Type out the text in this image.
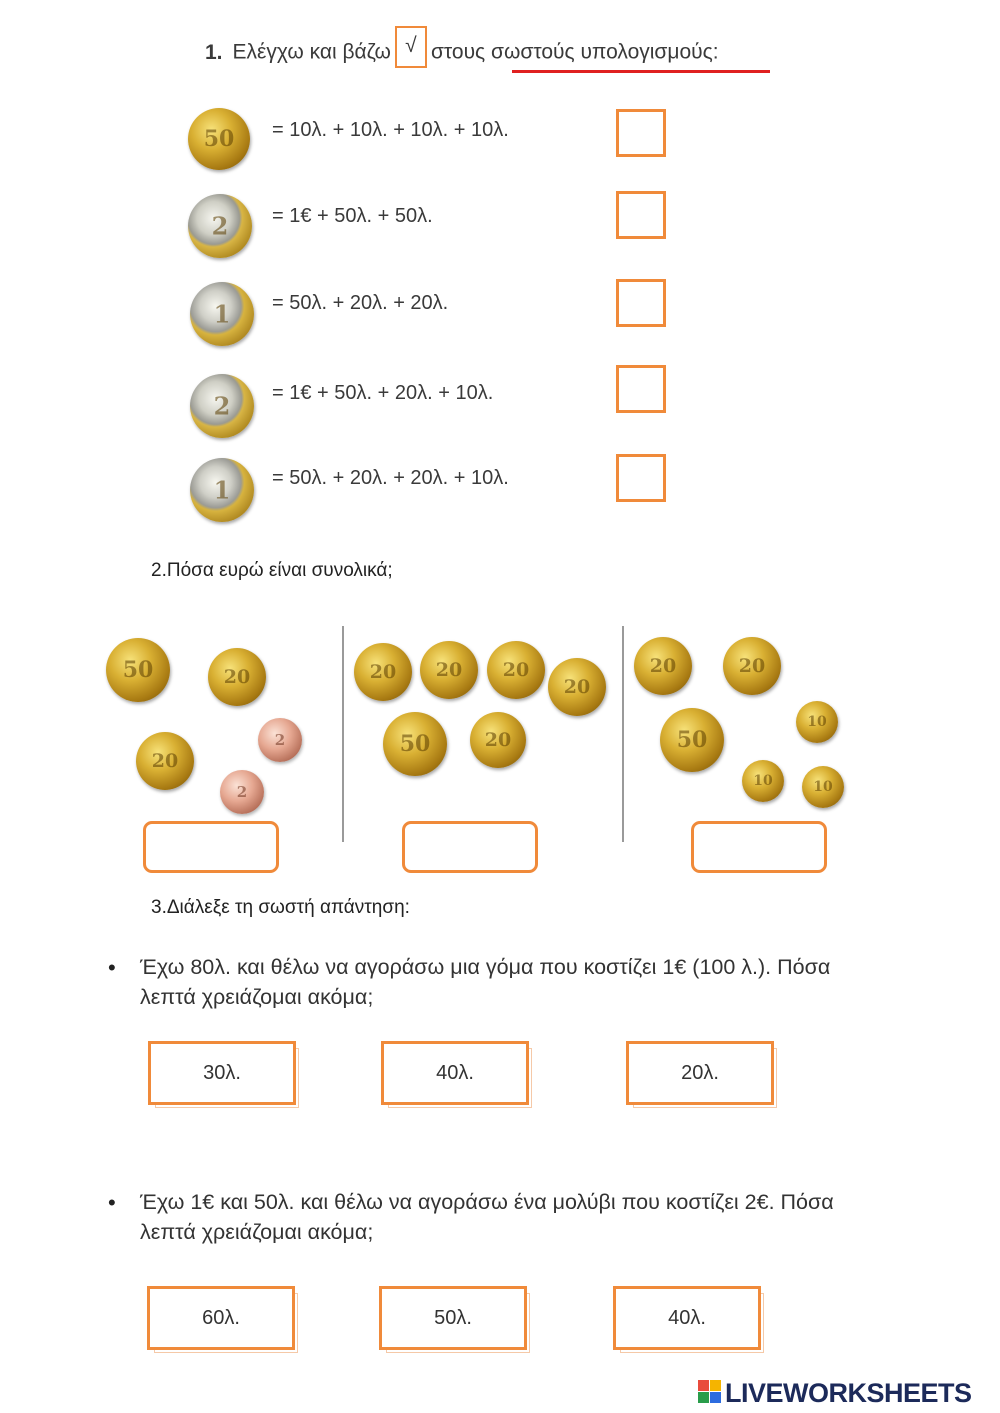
1. Ελέγχω και βάζω √ στους σωστούς υπολογισμούς:
50	= 10λ. + 10λ. + 10λ. + 10λ.
2	= 1€ + 50λ. + 50λ.
1	= 50λ. + 20λ. + 20λ.
2	= 1€ + 50λ. + 20λ. + 10λ.
1	= 50λ. + 20λ. + 20λ. + 10λ.
2.Πόσα ευρώ είναι συνολικά;
50	20
20
2
2
20	20	20
20
50	20
20	20
50
10
10	10
3.Διάλεξε τη σωστή απάντηση:
• Έχω 80λ. και θέλω να αγοράσω μια γόμα που κοστίζει 1€ (100 λ.). Πόσα λεπτά χρειάζομαι ακόμα;
30λ.	40λ.	20λ.
• Έχω 1€ και 50λ. και θέλω να αγοράσω ένα μολύβι που κοστίζει 2€. Πόσα λεπτά χρειάζομαι ακόμα;
60λ.	50λ.	40λ.
LIVEWORKSHEETS
